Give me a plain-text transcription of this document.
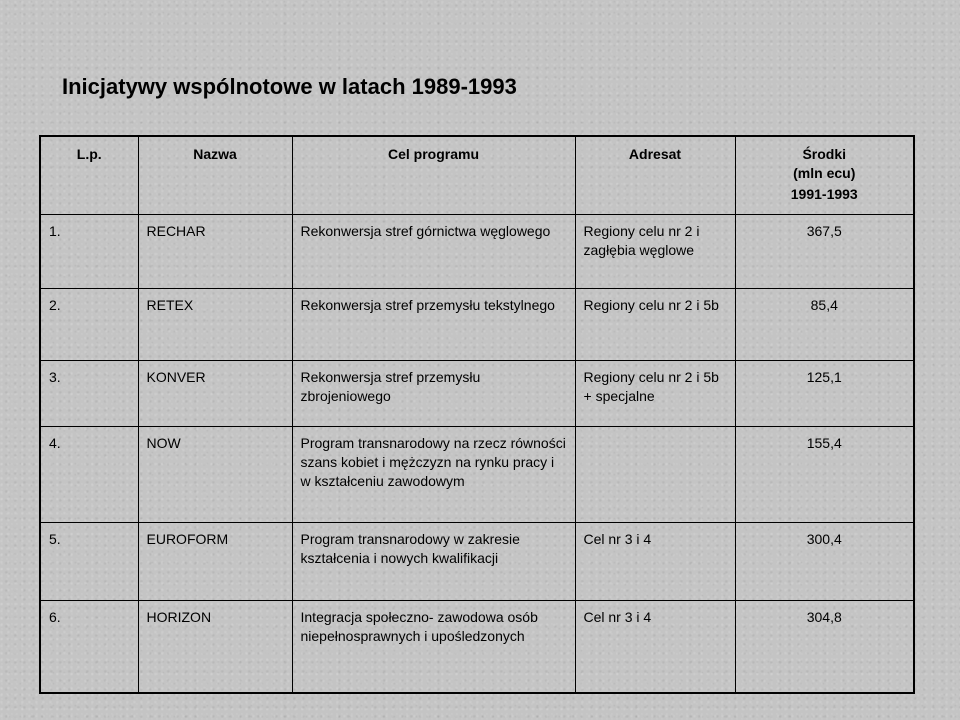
Inicjatywy wspólnotowe w latach 1989-1993
L.p.	Nazwa	Cel programu	Adresat	Środki
(mln ecu)
1991-1993

1.	RECHAR	Rekonwersja stref górnictwa węglowego	Regiony celu nr 2 i zagłębia węglowe	367,5
2.	RETEX	Rekonwersja stref przemysłu tekstylnego	Regiony celu nr 2 i 5b	85,4
3.	KONVER	Rekonwersja stref przemysłu zbrojeniowego	Regiony celu nr 2 i 5b + specjalne	125,1
4.	NOW	Program transnarodowy na rzecz równości szans kobiet i mężczyzn na rynku pracy i w kształceniu zawodowym		155,4
5.	EUROFORM	Program transnarodowy w zakresie kształcenia i nowych kwalifikacji	Cel nr 3 i 4	300,4
6.	HORIZON	Integracja społeczno- zawodowa osób niepełnosprawnych i upośledzonych	Cel nr 3 i 4	304,8
